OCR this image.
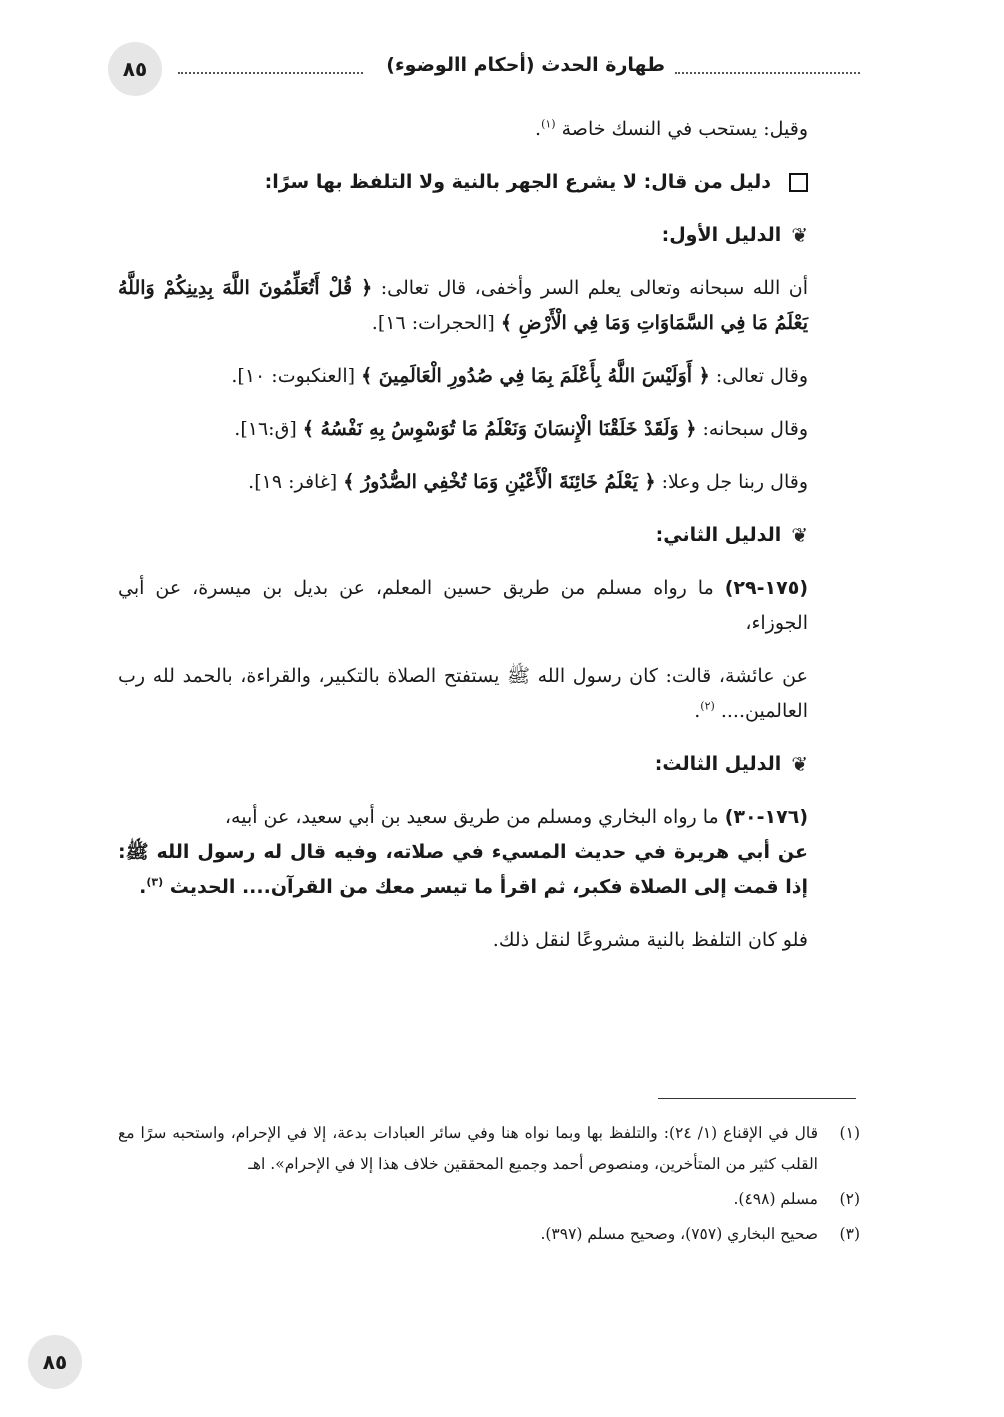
٨٥	طهارة الحدث (أحكام االوضوء)

وقيل: يستحب في النسك خاصة $^{(١)}$.

دليل من قال: لا يشرع الجهر بالنية ولا التلفظ بها سرًا:

❦
الدليل الأول:

أن الله سبحانه وتعالى يعلم السر وأخفى، قال تعالى: ﴿ قُلْ أَتُعَلِّمُونَ اللَّهَ بِدِينِكُمْ وَاللَّهُ يَعْلَمُ مَا فِي السَّمَاوَاتِ وَمَا فِي الْأَرْضِ ﴾ [الحجرات: ١٦].

وقال تعالى: ﴿ أَوَلَيْسَ اللَّهُ بِأَعْلَمَ بِمَا فِي صُدُورِ الْعَالَمِينَ ﴾ [العنكبوت: ١٠].

وقال سبحانه: ﴿ وَلَقَدْ خَلَقْنَا الْإِنسَانَ وَنَعْلَمُ مَا تُوَسْوِسُ بِهِ نَفْسُهُ ﴾ [ق:١٦].

وقال ربنا جل وعلا: ﴿ يَعْلَمُ خَائِنَةَ الْأَعْيُنِ وَمَا تُخْفِي الصُّدُورُ ﴾ [غافر: ١٩].

❦
الدليل الثاني:

(١٧٥-٢٩) ما رواه مسلم من طريق حسين المعلم، عن بديل بن ميسرة، عن أبي الجوزاء،

عن عائشة، قالت: كان رسول الله ﷺ يستفتح الصلاة بالتكبير، والقراءة، بالحمد لله رب العالمين.... $^{(٢)}$.

❦
الدليل الثالث:

(١٧٦-٣٠) ما رواه البخاري ومسلم من طريق سعيد بن أبي سعيد، عن أبيه،

عن أبي هريرة في حديث المسيء في صلاته، وفيه قال له رسول الله ﷺ: إذا قمت إلى الصلاة فكبر، ثم اقرأ ما تيسر معك من القرآن.... الحديث $^{(٣)}$.

فلو كان التلفظ بالنية مشروعًا لنقل ذلك.

(١)
قال في الإقناع (١/ ٢٤): والتلفظ بها وبما نواه هنا وفي سائر العبادات بدعة، إلا في الإحرام، واستحبه سرًا مع القلب كثير من المتأخرين، ومنصوص أحمد وجميع المحققين خلاف هذا إلا في الإحرام». اهـ
(٢)
مسلم (٤٩٨).
(٣)
صحيح البخاري (٧٥٧)، وصحيح مسلم (٣٩٧).
٨٥
